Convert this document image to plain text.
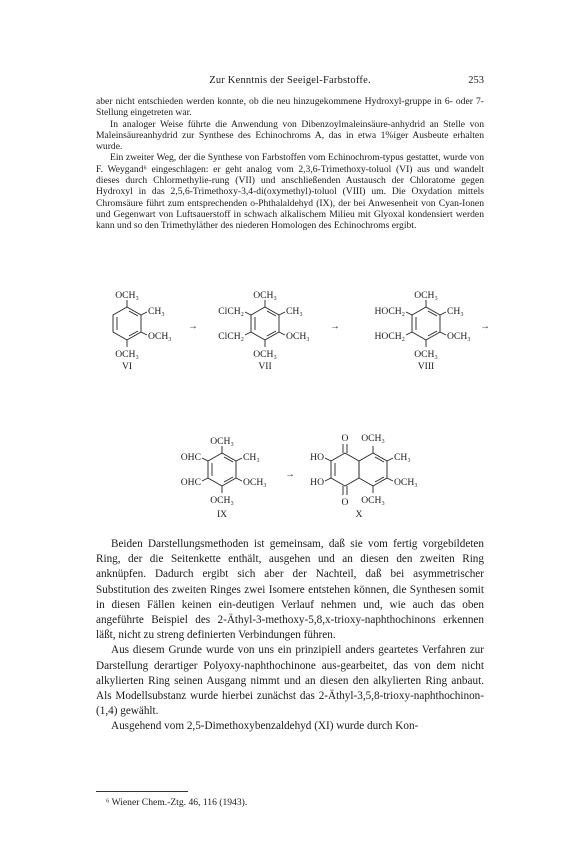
Zur Kenntnis der Seeigel-Farbstoffe.	253

aber nicht entschieden werden konnte, ob die neu hinzugekommene Hydroxyl-gruppe in 6- oder 7-Stellung eingetreten war.

In analoger Weise führte die Anwendung von Dibenzoylmaleinsäure-anhydrid an Stelle von Maleinsäureanhydrid zur Synthese des Echinochroms A, das in etwa 1%iger Ausbeute erhalten wurde.

Ein zweiter Weg, der die Synthese von Farbstoffen vom Echinochrom-typus gestattet, wurde von F. Weygand⁶ eingeschlagen: er geht analog vom 2,3,6-Trimethoxy-toluol (VI) aus und wandelt dieses durch Chlormethylie-rung (VII) und anschließenden Austausch der Chloratome gegen Hydroxyl in das 2,5,6-Trimethoxy-3,4-di(oxymethyl)-toluol (VIII) um. Die Oxydation mittels Chromsäure führt zum entsprechenden o-Phthalaldehyd (IX), der bei Anwesenheit von Cyan-Ionen und Gegenwart von Luftsauerstoff in schwach alkalischem Milieu mit Glyoxal kondensiert werden kann und so den Trimethyläther des niederen Homologen des Echinochroms ergibt.

OCH₃
OCH₃
CH₃
OCH₃
VI
→
OCH₃
OCH₃
ClCH₂
ClCH₂
CH₃
OCH₃
VII
→
OCH₃
OCH₃
HOCH₂
HOCH₂
CH₃
OCH₃
VIII
→
OCH₃
OCH₃
OHC
OHC
CH₃
OCH₃
IX
→
O
O
OCH₃
OCH₃
HO
HO
CH₃
OCH₃
X

Beiden Darstellungsmethoden ist gemeinsam, daß sie vom fertig vorgebildeten Ring, der die Seitenkette enthält, ausgehen und an diesen den zweiten Ring anknüpfen. Dadurch ergibt sich aber der Nachteil, daß bei asymmetrischer Substitution des zweiten Ringes zwei Isomere entstehen können, die Synthesen somit in diesen Fällen keinen ein-deutigen Verlauf nehmen und, wie auch das oben angeführte Beispiel des 2-Äthyl-3-methoxy-5,8,x-trioxy-naphthochinons erkennen läßt, nicht zu streng definierten Verbindungen führen.

Aus diesem Grunde wurde von uns ein prinzipiell anders geartetes Verfahren zur Darstellung derartiger Polyoxy-naphthochinone aus-gearbeitet, das von dem nicht alkylierten Ring seinen Ausgang nimmt und an diesen den alkylierten Ring anbaut. Als Modellsubstanz wurde hierbei zunächst das 2-Äthyl-3,5,8-trioxy-naphthochinon-(1,4) gewählt.

Ausgehend vom 2,5-Dimethoxybenzaldehyd (XI) wurde durch Kon-

⁶ Wiener Chem.-Ztg. 46, 116 (1943).
